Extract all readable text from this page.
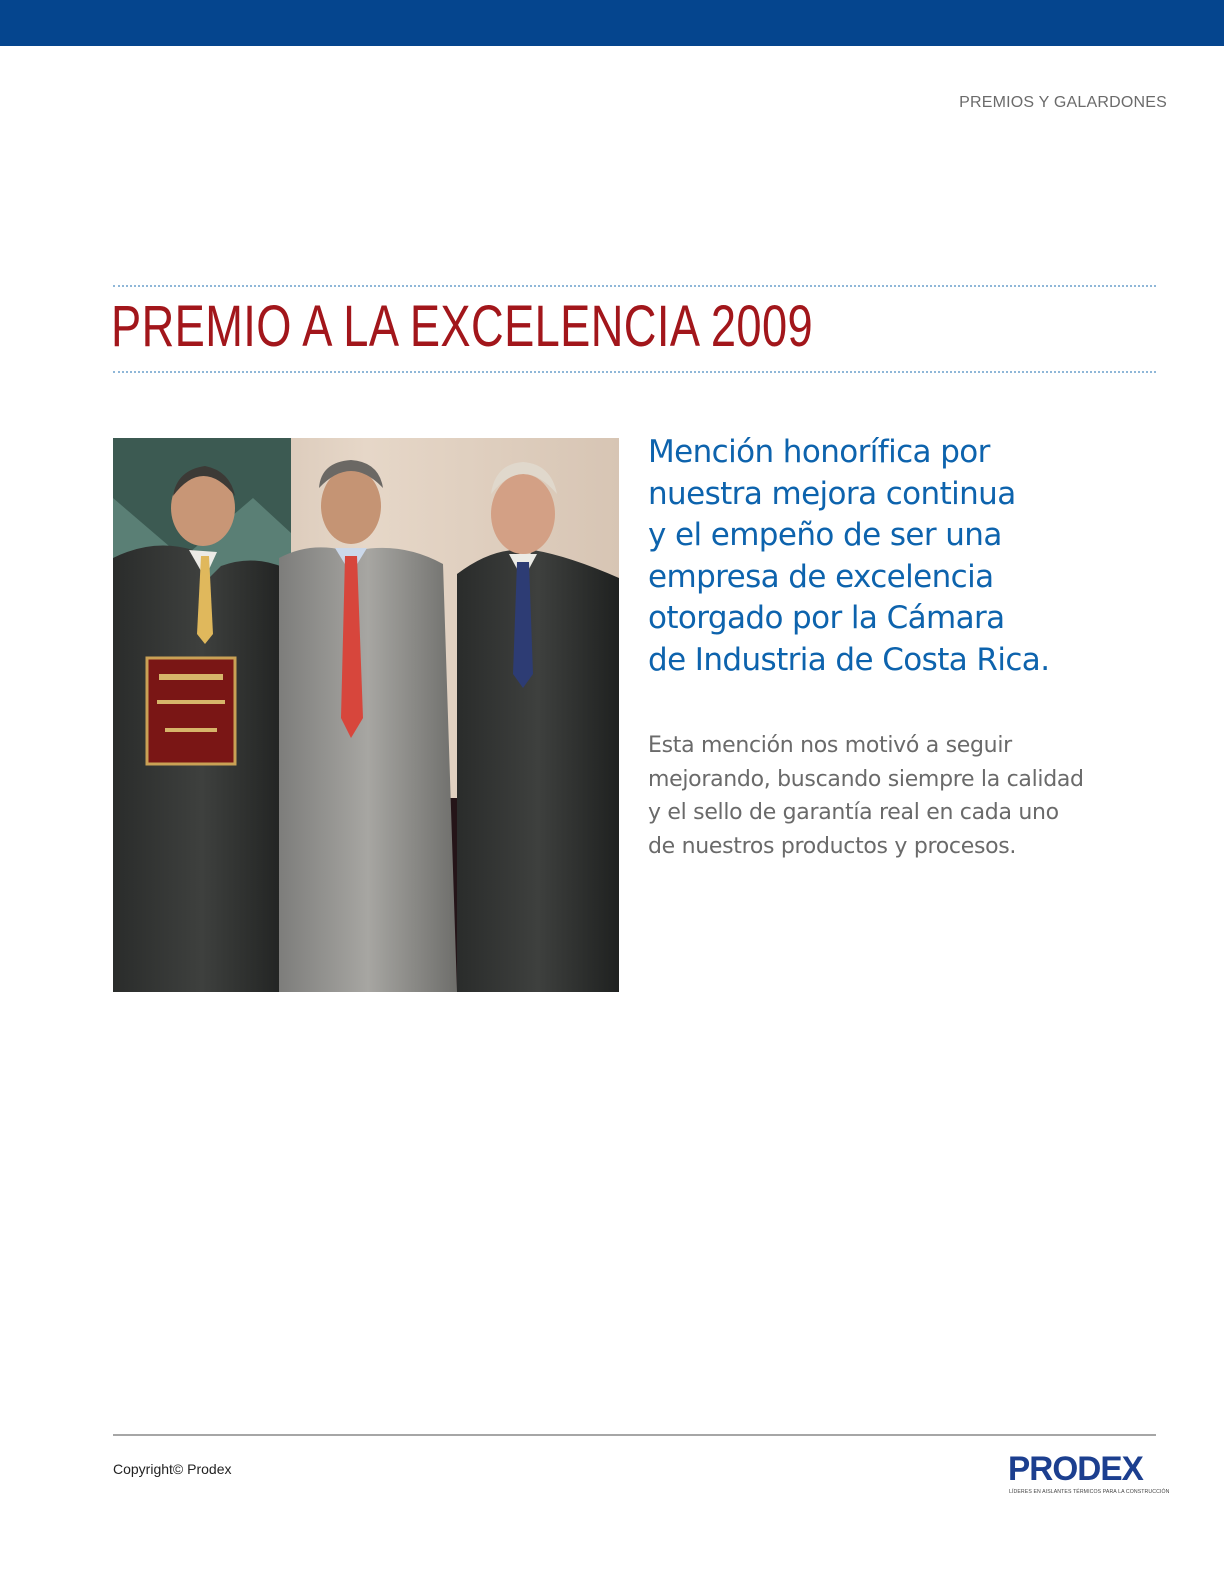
PREMIOS Y GALARDONES
PREMIO A LA EXCELENCIA 2009

Mención honorífica por
nuestra mejora continua
y el empeño de ser una
empresa de excelencia
otorgado por la Cámara
de Industria de Costa Rica.

Esta mención nos motivó a seguir
mejorando, buscando siempre la calidad
y el sello de garantía real en cada uno
de nuestros productos y procesos.

Copyright© Prodex	PRODEX
LÍDERES EN AISLANTES TÉRMICOS PARA LA CONSTRUCCIÓN
